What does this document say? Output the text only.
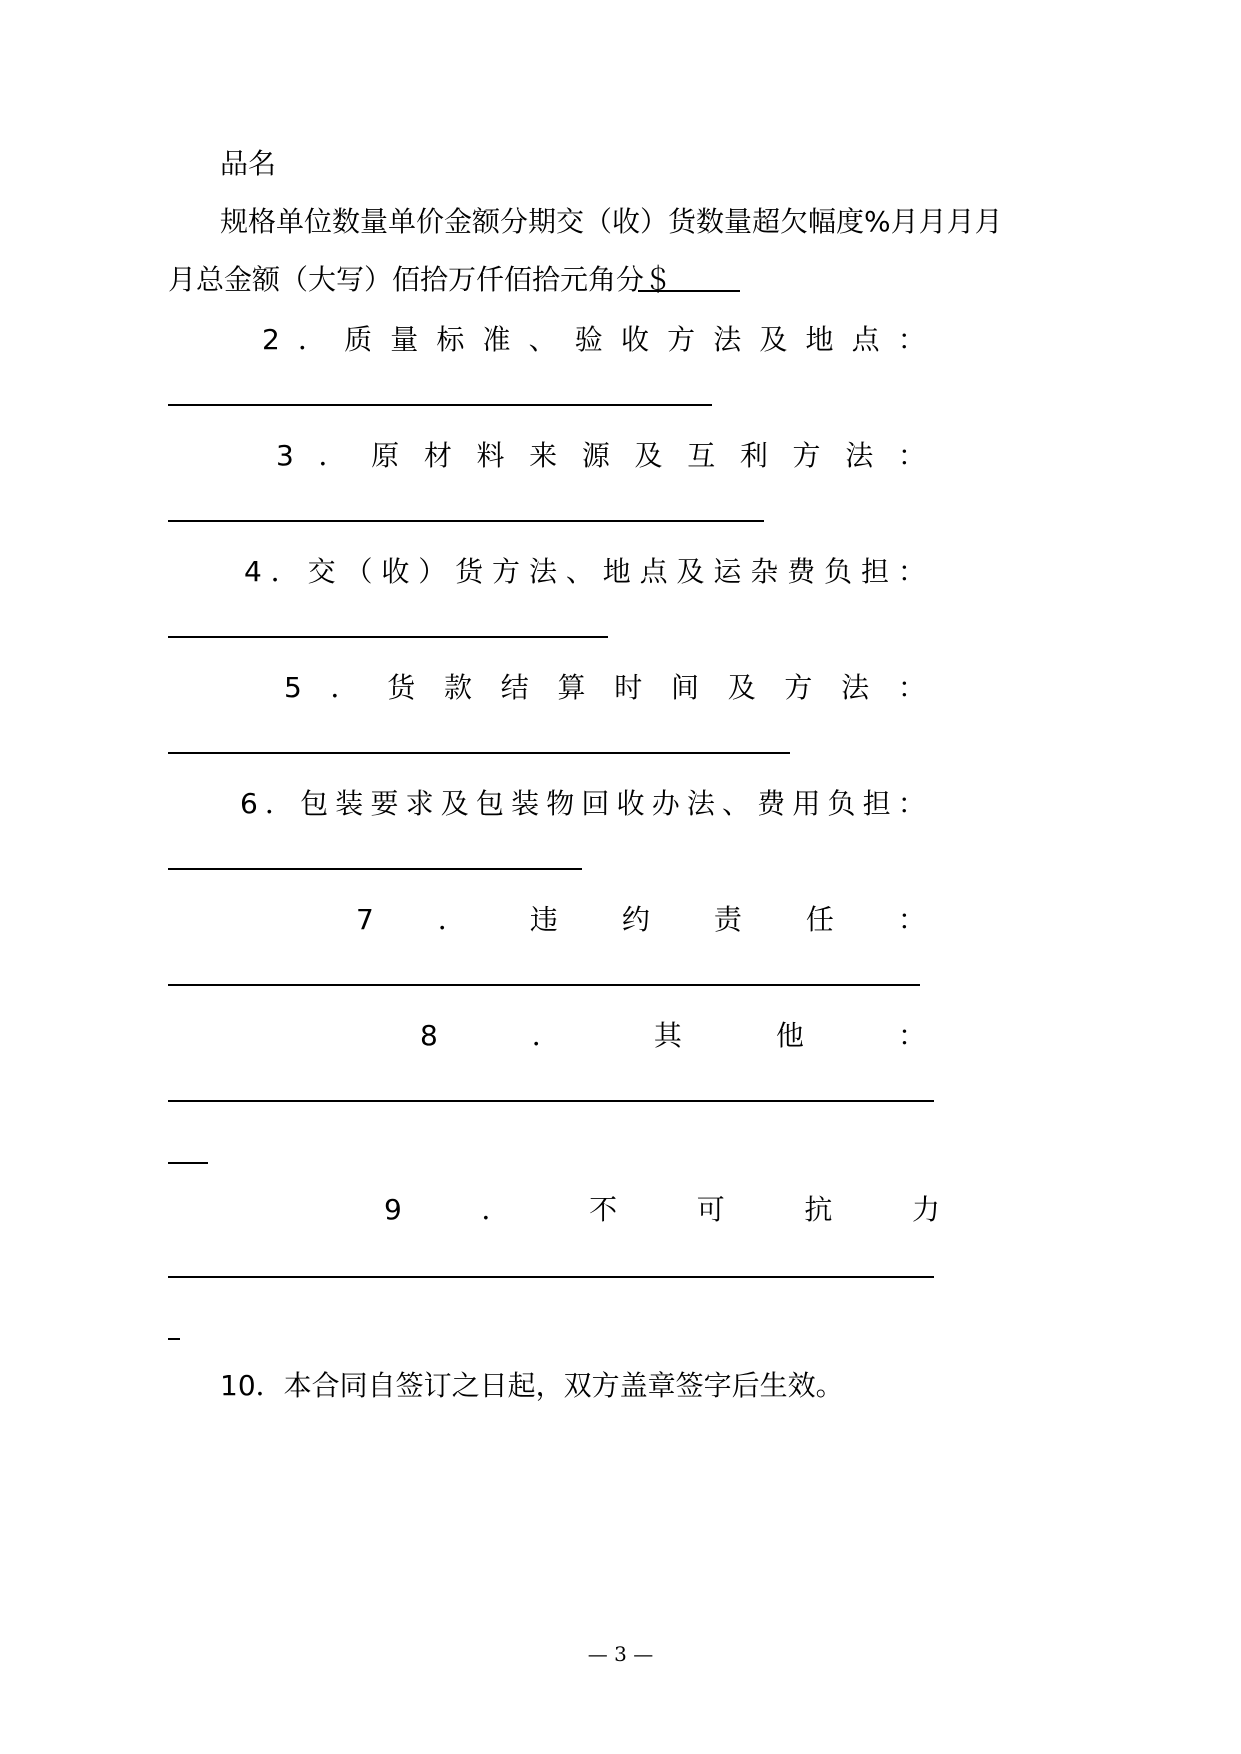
品名
规格单位数量单价金额分期交（收）货数量超欠幅度%月月月月
月总金额（大写）佰拾万仟佰拾元角分＄
2 ． 质 量 标 准 、 验 收 方 法 及 地 点 ：
3 ． 原 材 料 来 源 及 互 利 方 法 ：
4 ． 交 （ 收 ） 货 方 法 、 地 点 及 运 杂 费 负 担 ：
5 ． 货 款 结 算 时 间 及 方 法 ：
6 ． 包 装 要 求 及 包 装 物 回 收 办 法 、 费 用 负 担 ：
7 ． 违 约 责 任 ：
8	．	其	他	：
9	．	不	可	抗	力
10．本合同自签订之日起，双方盖章签字后生效。
— 3 —
